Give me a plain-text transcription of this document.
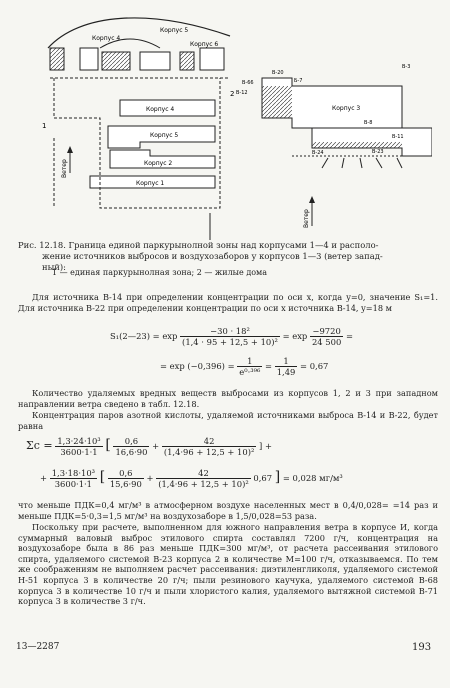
Корпус 4
Корпус 5
Корпус 6
Корпус 4
Корпус 5
Корпус 2
Корпус 1
1
2
Ветер
Корпус 3
В-20
В-66
В-12
Б-7
В-8
В-23
В-24
В-11
В-3
Ветер
Рис. 12.18. Граница единой паркурынолной зоны над корпусами 1—4 и располо-
жение источников выбросов и воздухозаборов у корпусов 1—3 (ветер запад-
ный):
1 — единая паркурынолная зона; 2 — жилые дома
Для источника В-14 при определении концентрации по оси x, когда y=0, значение S₁=1. Для источника В-22 при определении концентрации по оси x источника В-14, y=18 м
S₁(2—23) = $\exp \frac{\text{−30 · 18²}}{\text{(1,4 · 95 + 12,5 + 10)²}} = \exp \frac{-9720}{24 500}$ =
= $\exp (-0,396) = \frac{1}{\text{e⁰·³⁹⁶}} = \frac{1}{1,49} = 0,67$
Количество удаляемых вредных веществ выбросами из корпусов 1, 2 и 3 при западном направлении ветра сведено в табл. 12.18.
Концентрация паров азотной кислоты, удаляемой источниками выброса В-14 и В-22, будет равна
$\Sigma c = \frac{\text{1,3·24·10³}}{3600\cdot 1\cdot 1}$ [ $\frac{0,6}{16,6\cdot 90} + \frac{42}{\text{(1,4·96 + 12,5 + 10)²}}$ ] +
+ $\frac{\text{1,3·18·10³}}{3600\cdot 1\cdot 1}$ [ $\frac{0,6}{15,6\cdot 90} + \frac{42}{\text{(1,4·96 + 12,5 + 10)²}} 0,67$ ] = 0,028 мг/м³
что меньше ПДК=0,4 мг/м³ в атмосферном воздухе населенных мест в 0,4/0,028= =14 раз и меньше ПДК=5·0,3=1,5 мг/м³ на воздухозаборе в 1,5/0,028=53 раза.
Поскольку при расчете, выполненном для южного направления ветра в корпусе И, когда суммарный валовый выброс этилового спирта составлял 7200 г/ч, концентрация на воздухозаборе была в 86 раз меньше ПДК=300 мг/м³, от расчета рассеивания этилового спирта, удаляемого системой В-23 корпуса 2 в количестве М=100 г/ч, отказываемся. По тем же соображениям не выполняем расчет рассеивания: диэтиленгликоля, удаляемого системой Н-51 корпуса 3 в количестве 20 г/ч; пыли резинового каучука, удаляемого системой В-68 корпуса 3 в количестве 10 г/ч и пыли хлористого калия, удаляемого вытяжной системой В-71 корпуса 3 в количестве 3 г/ч.
13—2287	193
